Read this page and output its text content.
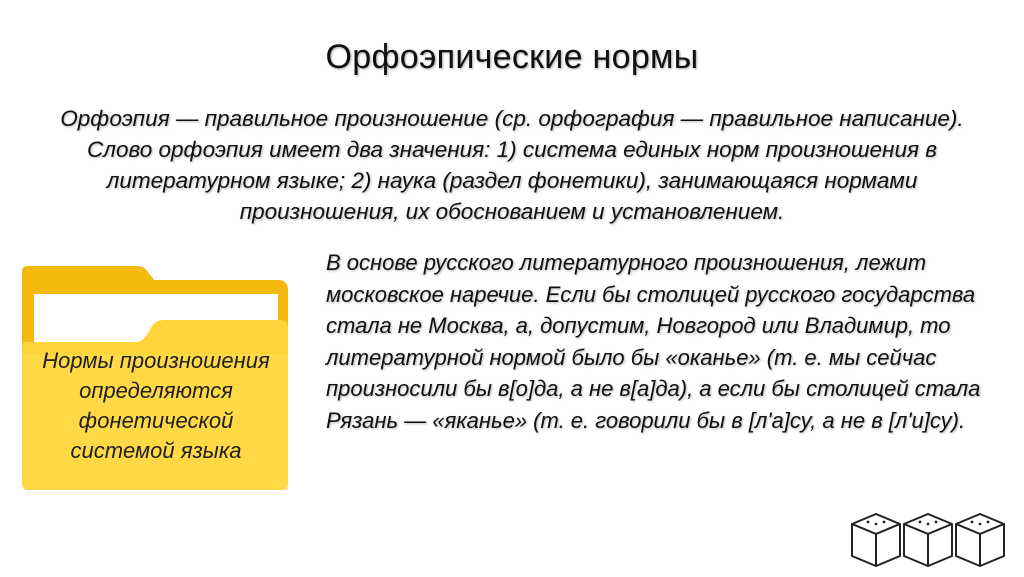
Орфоэпические нормы
Орфоэпия — правильное произношение (ср. орфография — правильное написание). Слово орфоэпия имеет два значения: 1) система единых норм произношения в литературном языке; 2) наука (раздел фонетики), занимающаяся нормами произношения, их обоснованием и установлением.
Нормы произношения определяются фонетической системой языка
В основе русского литературного произношения, лежит московское наречие. Если бы столицей русского государства стала не Москва, а, допустим, Новгород или Владимир, то литературной нормой было бы «оканье» (т. е. мы сейчас произносили бы в[о]да, а не в[а]да), а если бы столицей стала Рязань — «яканье» (т. е. говорили бы в [л'а]су, а не в [л'и]су).
